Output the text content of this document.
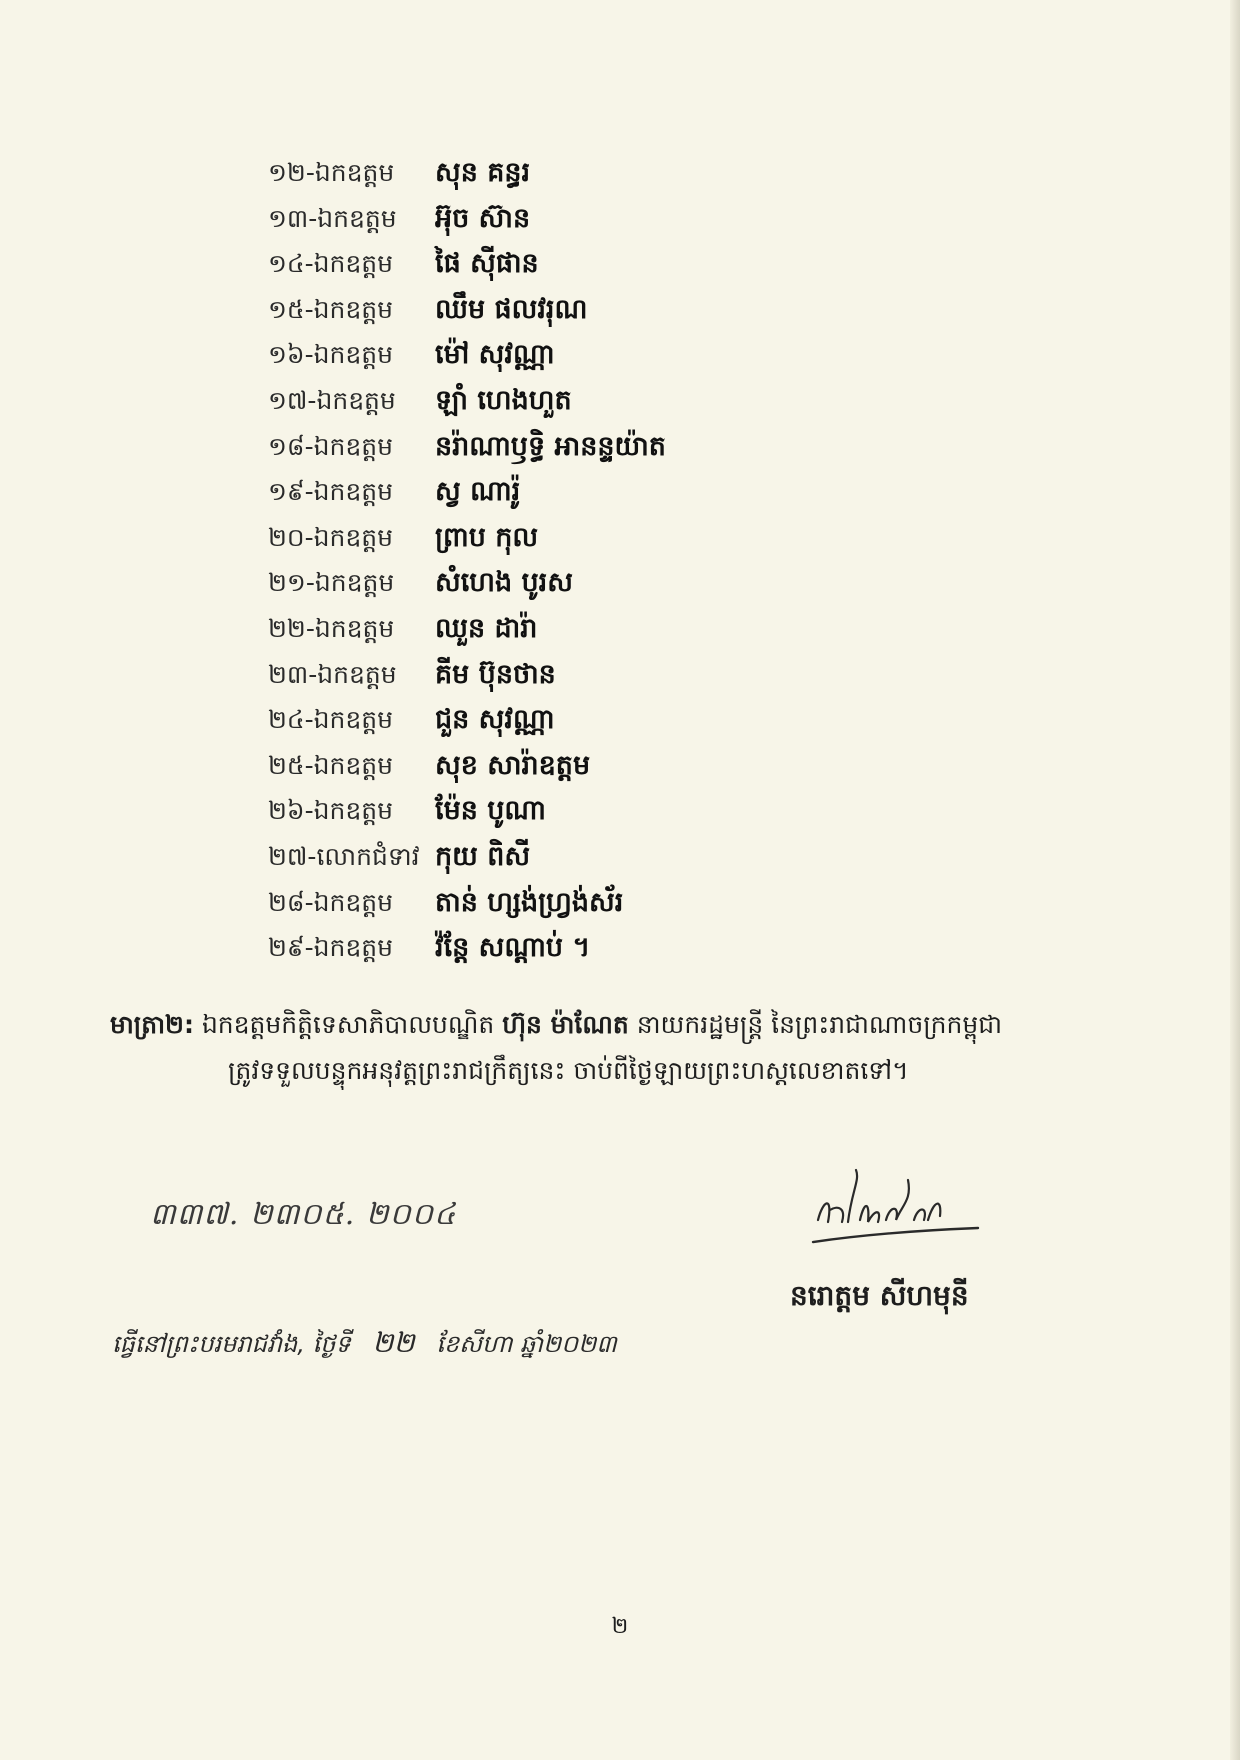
១២-ឯកឧត្តម	សុន គន្ធរ
១៣-ឯកឧត្តម	អ៊ុច ស៊ាន
១៤-ឯកឧត្តម	ផៃ ស៊ីផាន
១៥-ឯកឧត្តម	ឈឹម ផលវរុណ
១៦-ឯកឧត្តម	ម៉ៅ សុវណ្ណា
១៧-ឯកឧត្តម	ឡាំ ហេងហួត
១៨-ឯកឧត្តម	នរ៉ាណាឫទ្ធិ អានន្ទយ៉ាត
១៩-ឯកឧត្តម	ស្វ ណារ៉ូ
២០-ឯកឧត្តម	ព្រាប កុល
២១-ឯកឧត្តម	សំហេង បូរស
២២-ឯកឧត្តម	ឈួន ដារ៉ា
២៣-ឯកឧត្តម	គីម ប៊ុនថាន
២៤-ឯកឧត្តម	ជួន សុវណ្ណា
២៥-ឯកឧត្តម	សុខ សារ៉ាឧត្តម
២៦-ឯកឧត្តម	ម៉ែន បូណា
២៧-លោកជំទាវ កុយ ពិសី
២៨-ឯកឧត្តម	តាន់ ហ្សង់ហ្វ្រង់ស័រ
២៩-ឯកឧត្តម	វ៉ន្តែ សណ្តាប់ ។
មាត្រា២: ឯកឧត្តមកិត្តិទេសាភិបាលបណ្ឌិត ហ៊ុន ម៉ាណែត នាយករដ្ឋមន្ត្រី នៃព្រះរាជាណាចក្រកម្ពុជា
ត្រូវទទួលបន្ទុកអនុវត្តព្រះរាជក្រឹត្យនេះ ចាប់ពីថ្ងៃឡាយព្រះហស្តលេខាតទៅ។
៣៣៧. ២៣០៥. ២០០៤
នរោត្តម សីហមុនី
ធ្វើនៅព្រះបរមរាជវាំង, ថ្ងៃទី ២២ ខែសីហា ឆ្នាំ២០២៣
២
